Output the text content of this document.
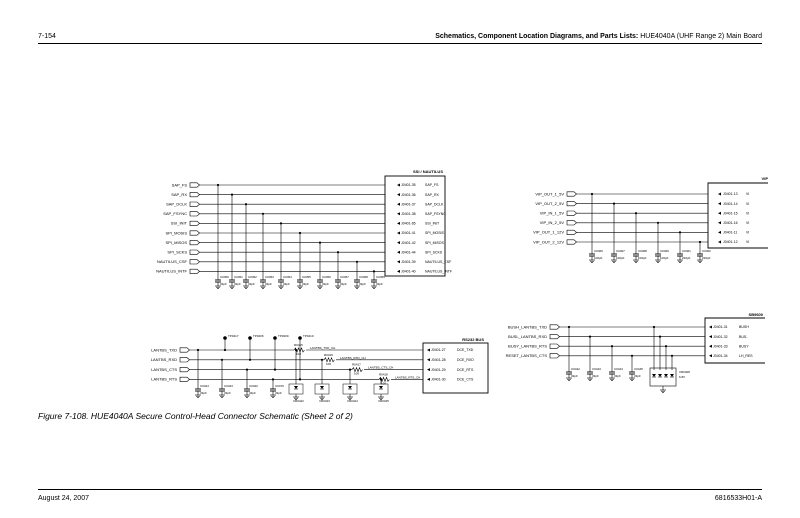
7-154	Schematics, Component Location Diagrams, and Parts Lists: HUE4040A (UHF Range 2) Main Board
SSI / NAUTILUS
SAP_FS	J0401-35	SAP_FS
C0450
33pF
SAP_RX	J0401-36	SAP_RX
C0451
33pF
SAP_DCLK	J0401-37	SAP_DCLK
C0452
33pF
SAP_FSYNC	J0401-38	SAP_FSYNC
C0453
33pF
SSI_INIT	J0401-65	SSI_INIT
C0454
33pF
SPI_MOSIS	J0401-41	SPI_MOSIS
C0455
33pF
SPI_MISOS	J0401-42	SPI_MISOS
C0456
33pF
SPI_SCKS	J0401-44	SPI_SCKS
C0457
33pF
NAUTILUS_CSF	J0401-39	NAUTILUS_CSF
C0458
33pF
NAUTILUS_INTF	J0401-40	NAUTILUS_INTF
C0459
33pF
VIP
VIP_OUT_1_5V	J0401-13 VI
C0466
100pF
VIP_OUT_2_5V	J0401-14 VI
C0467
100pF
VIP_IN_1_5V	J0401-15 VI
C0468
100pF
VIP_IN_2_5V	J0401-16 VI
C0469
100pF
VIP_OUT_1_12V	J0401-11 VI
C0461
220pF
VIP_OUT_2_12V	J0401-12 VI
C0462
220pF
RS232 BUS
TP0417	TP0406	TP0409	TP0410
LANTBS_TXD
R0415
100
LANTBS_TXD_CH
J0401-27	DCE_TXD
C0424
33pF
VR0422
LANTBS_RXD
R0416
100
LANTBS_RXD_CH
J0401-28	DCE_RXD
C0423
33pF
VR0423
LANTBS_CTS
R0417
100
LANTBS_CTS_CH
J0401-29	DCE_RTS
C0422
33pF
VR0424
LANTBS_RTS
R0418
100
LANTBS_RTS_CH
J0401-30	DCE_CTS
C0470
33pF
VR0425
SB9600
BUSH_LANTBS_TXD	J0401-31	BUSH
C0442
33pF
BUSL_LANTBS_RXD	J0401-32	BUS-
C0443
33pF
BUSY_LANTBS_RTS	J0401-33	BUSY
C0444
33pF
RESET_LANTBS_CTS	J0401-34	LH_RES
C0445
33pF
VR0408
6.8V
Figure 7-108. HUE4040A Secure Control-Head Connector Schematic (Sheet 2 of 2)
August 24, 2007	6816533H01-A
